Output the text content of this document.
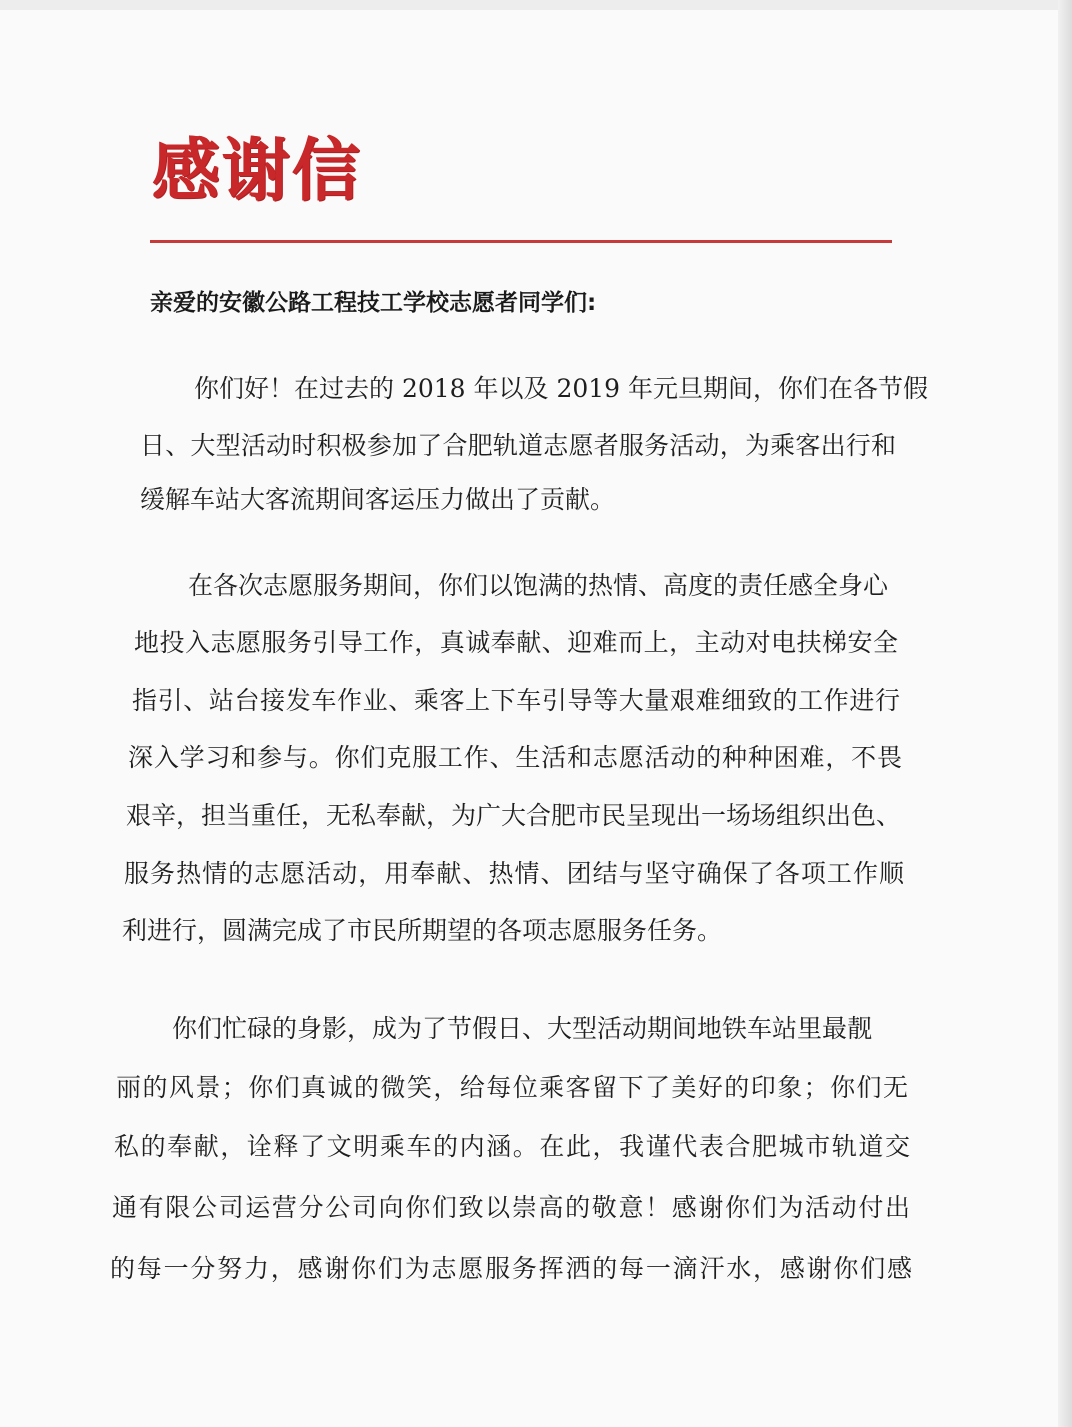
感谢信

亲爱的安徽公路工程技工学校志愿者同学们:

你们好！在过去的 2018 年以及 2019 年元旦期间，你们在各节假

日、大型活动时积极参加了合肥轨道志愿者服务活动，为乘客出行和

缓解车站大客流期间客运压力做出了贡献。

在各次志愿服务期间，你们以饱满的热情、高度的责任感全身心

地投入志愿服务引导工作，真诚奉献、迎难而上，主动对电扶梯安全

指引、站台接发车作业、乘客上下车引导等大量艰难细致的工作进行

深入学习和参与。你们克服工作、生活和志愿活动的种种困难，不畏

艰辛，担当重任，无私奉献，为广大合肥市民呈现出一场场组织出色、

服务热情的志愿活动，用奉献、热情、团结与坚守确保了各项工作顺

利进行，圆满完成了市民所期望的各项志愿服务任务。

你们忙碌的身影，成为了节假日、大型活动期间地铁车站里最靓

丽的风景；你们真诚的微笑，给每位乘客留下了美好的印象；你们无

私的奉献，诠释了文明乘车的内涵。在此，我谨代表合肥城市轨道交

通有限公司运营分公司向你们致以崇高的敬意！感谢你们为活动付出

的每一分努力，感谢你们为志愿服务挥洒的每一滴汗水，感谢你们感
